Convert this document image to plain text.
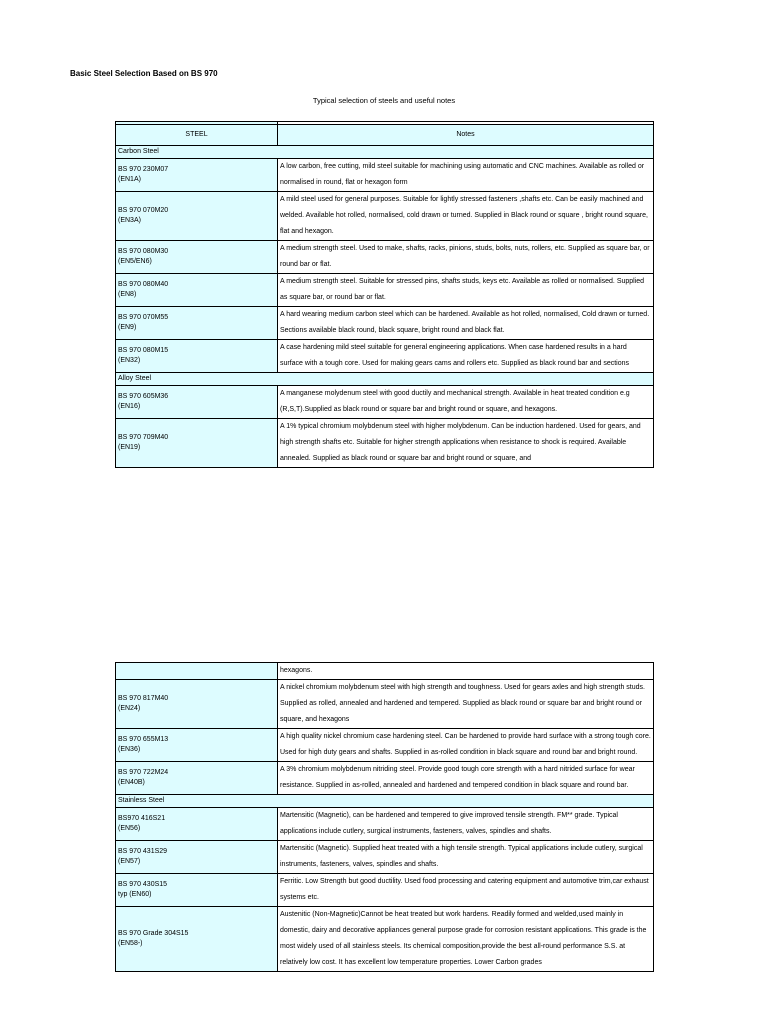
Basic Steel Selection Based on BS 970
Typical selection of steels and useful notes

STEEL	Notes
Carbon Steel	

BS 970 230M07
(EN1A)	A low carbon, free cutting, mild steel suitable for machining using automatic and CNC machines. Available as rolled or normalised in round, flat or hexagon form

BS 970 070M20
(EN3A)	A mild steel used for general purposes. Suitable for lightly stressed fasteners ,shafts etc. Can be easily machined and welded. Available hot rolled, normalised, cold drawn or turned. Supplied in Black round or square , bright round square, flat and hexagon.

BS 970 080M30
(EN5/EN6)	A medium strength steel. Used to make, shafts, racks, pinions, studs, bolts, nuts, rollers, etc. Supplied as square bar, or round bar or flat.

BS 970 080M40
(EN8)	A medium strength steel. Suitable for stressed pins, shafts studs, keys etc. Available as rolled or normalised. Supplied as square bar, or round bar or flat.

BS 970 070M55
(EN9)	A hard wearing medium carbon steel which can be hardened. Available as hot rolled, normalised, Cold drawn or turned. Sections available black round, black square, bright round and black flat.

BS 970 080M15
(EN32)	A case hardening mild steel suitable for general engineering applications. When case hardened results in a hard surface with a tough core. Used for making gears cams and rollers etc. Supplied as black round bar and sections
Alloy Steel	

BS 970 605M36
(EN16)	A manganese molydenum steel with good ductily and mechanical strength. Available in heat treated condition e.g (R,S,T).Supplied as black round or square bar and bright round or square, and hexagons.

BS 970 709M40
(EN19)	A 1% typical chromium molybdenum steel with higher molybdenum. Can be induction hardened. Used for gears, and high strength shafts etc. Suitable for higher strength applications when resistance to shock is required. Available annealed. Supplied as black round or square bar and bright round or square, and
	hexagons.

BS 970 817M40
(EN24)	A nickel chromium molybdenum steel with high strength and toughness. Used for gears axles and high strength studs. Supplied as rolled, annealed and hardened and tempered. Supplied as black round or square bar and bright round or square, and hexagons

BS 970 655M13
(EN36)	A high quality nickel chromium case hardening steel. Can be hardened to provide hard surface with a strong tough core. Used for high duty gears and shafts. Supplied in as-rolled condition in black square and round bar and bright round.

BS 970 722M24
(EN40B)	A 3% chromium molybdenum nitriding steel. Provide good tough core strength with a hard nitrided surface for wear resistance. Supplied in as-rolled, annealed and hardened and tempered condition in black square and round bar.
Stainless Steel	

BS970 416S21
(EN56)	Martensitic (Magnetic), can be hardened and tempered to give improved tensile strength. FM** grade. Typical applications include cutlery, surgical instruments, fasteners, valves, spindles and shafts.

BS 970 431S29
(EN57)	Martensitic (Magnetic). Supplied heat treated with a high tensile strength. Typical applications include cutlery, surgical instruments, fasteners, valves, spindles and shafts.

BS 970 430S15
typ (EN60)	Ferritic. Low Strength but good ductility. Used food processing and catering equipment and automotive trim,car exhaust systems etc.

BS 970 Grade 304S15
(EN58-)	Austenitic (Non-Magnetic)Cannot be heat treated but work hardens. Readily formed and welded,used mainly in domestic, dairy and decorative appliances general purpose grade for corrosion resistant applications. This grade is the most widely used of all stainless steels. Its chemical composition,provide the best all-round performance S.S. at relatively low cost. It has excellent low temperature properties. Lower Carbon grades
